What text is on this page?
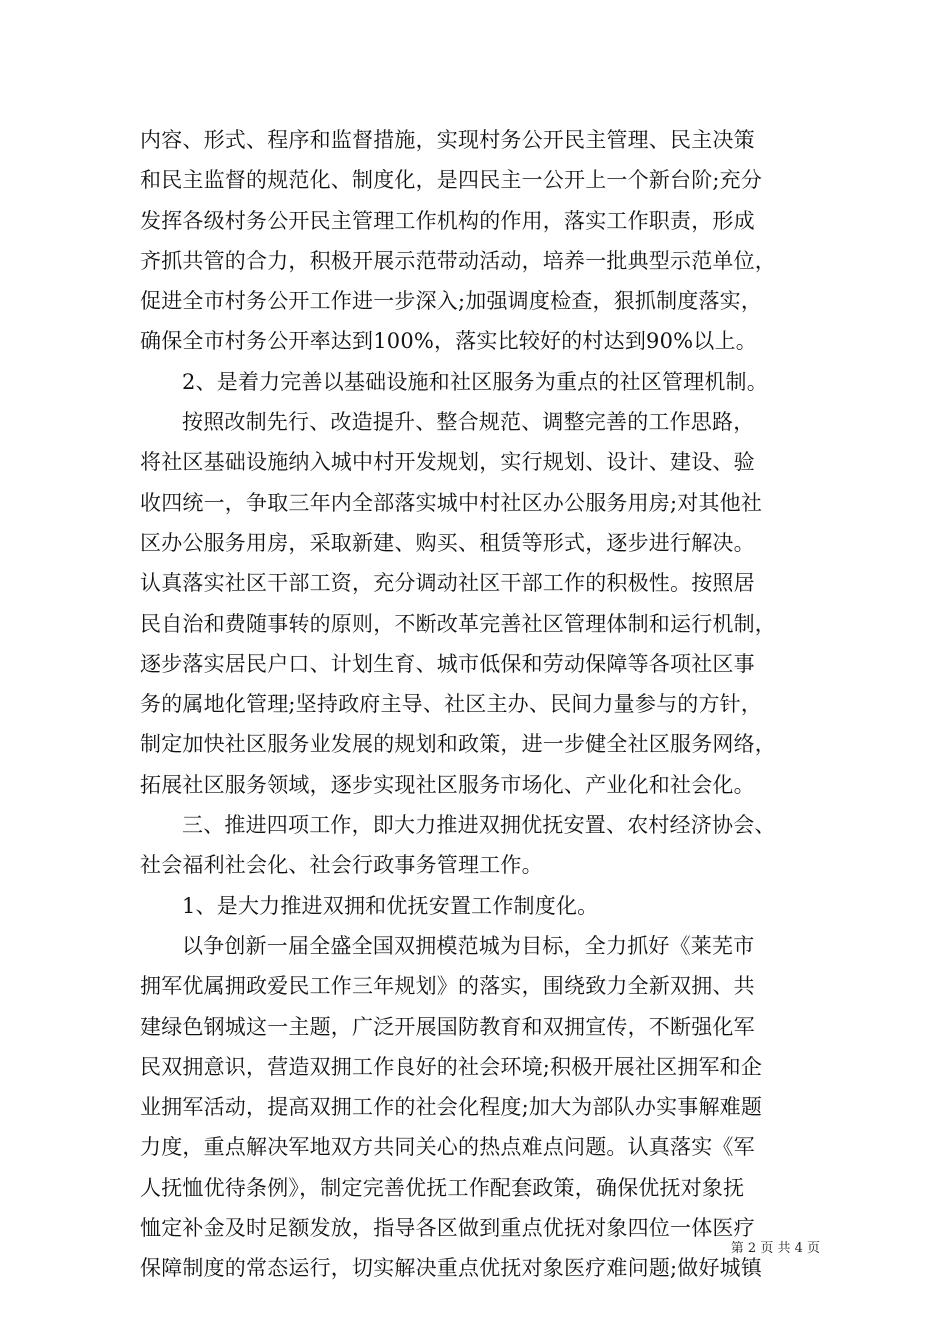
内容、形式、程序和监督措施，实现村务公开民主管理、民主决策
和民主监督的规范化、制度化，是四民主一公开上一个新台阶;充分
发挥各级村务公开民主管理工作机构的作用，落实工作职责，形成
齐抓共管的合力，积极开展示范带动活动，培养一批典型示范单位，
促进全市村务公开工作进一步深入;加强调度检查，狠抓制度落实，
确保全市村务公开率达到100%，落实比较好的村达到90%以上。
2、是着力完善以基础设施和社区服务为重点的社区管理机制。
按照改制先行、改造提升、整合规范、调整完善的工作思路，
将社区基础设施纳入城中村开发规划，实行规划、设计、建设、验
收四统一，争取三年内全部落实城中村社区办公服务用房;对其他社
区办公服务用房，采取新建、购买、租赁等形式，逐步进行解决。
认真落实社区干部工资，充分调动社区干部工作的积极性。按照居
民自治和费随事转的原则，不断改革完善社区管理体制和运行机制，
逐步落实居民户口、计划生育、城市低保和劳动保障等各项社区事
务的属地化管理;坚持政府主导、社区主办、民间力量参与的方针，
制定加快社区服务业发展的规划和政策，进一步健全社区服务网络，
拓展社区服务领域，逐步实现社区服务市场化、产业化和社会化。
三、推进四项工作，即大力推进双拥优抚安置、农村经济协会、
社会福利社会化、社会行政事务管理工作。
1、是大力推进双拥和优抚安置工作制度化。
以争创新一届全盛全国双拥模范城为目标，全力抓好《莱芜市
拥军优属拥政爱民工作三年规划》的落实，围绕致力全新双拥、共
建绿色钢城这一主题，广泛开展国防教育和双拥宣传，不断强化军
民双拥意识，营造双拥工作良好的社会环境;积极开展社区拥军和企
业拥军活动，提高双拥工作的社会化程度;加大为部队办实事解难题
力度，重点解决军地双方共同关心的热点难点问题。认真落实《军
人抚恤优待条例》，制定完善优抚工作配套政策，确保优抚对象抚
恤定补金及时足额发放，指导各区做到重点优抚对象四位一体医疗
保障制度的常态运行，切实解决重点优抚对象医疗难问题;做好城镇
第 2 页 共 4 页
